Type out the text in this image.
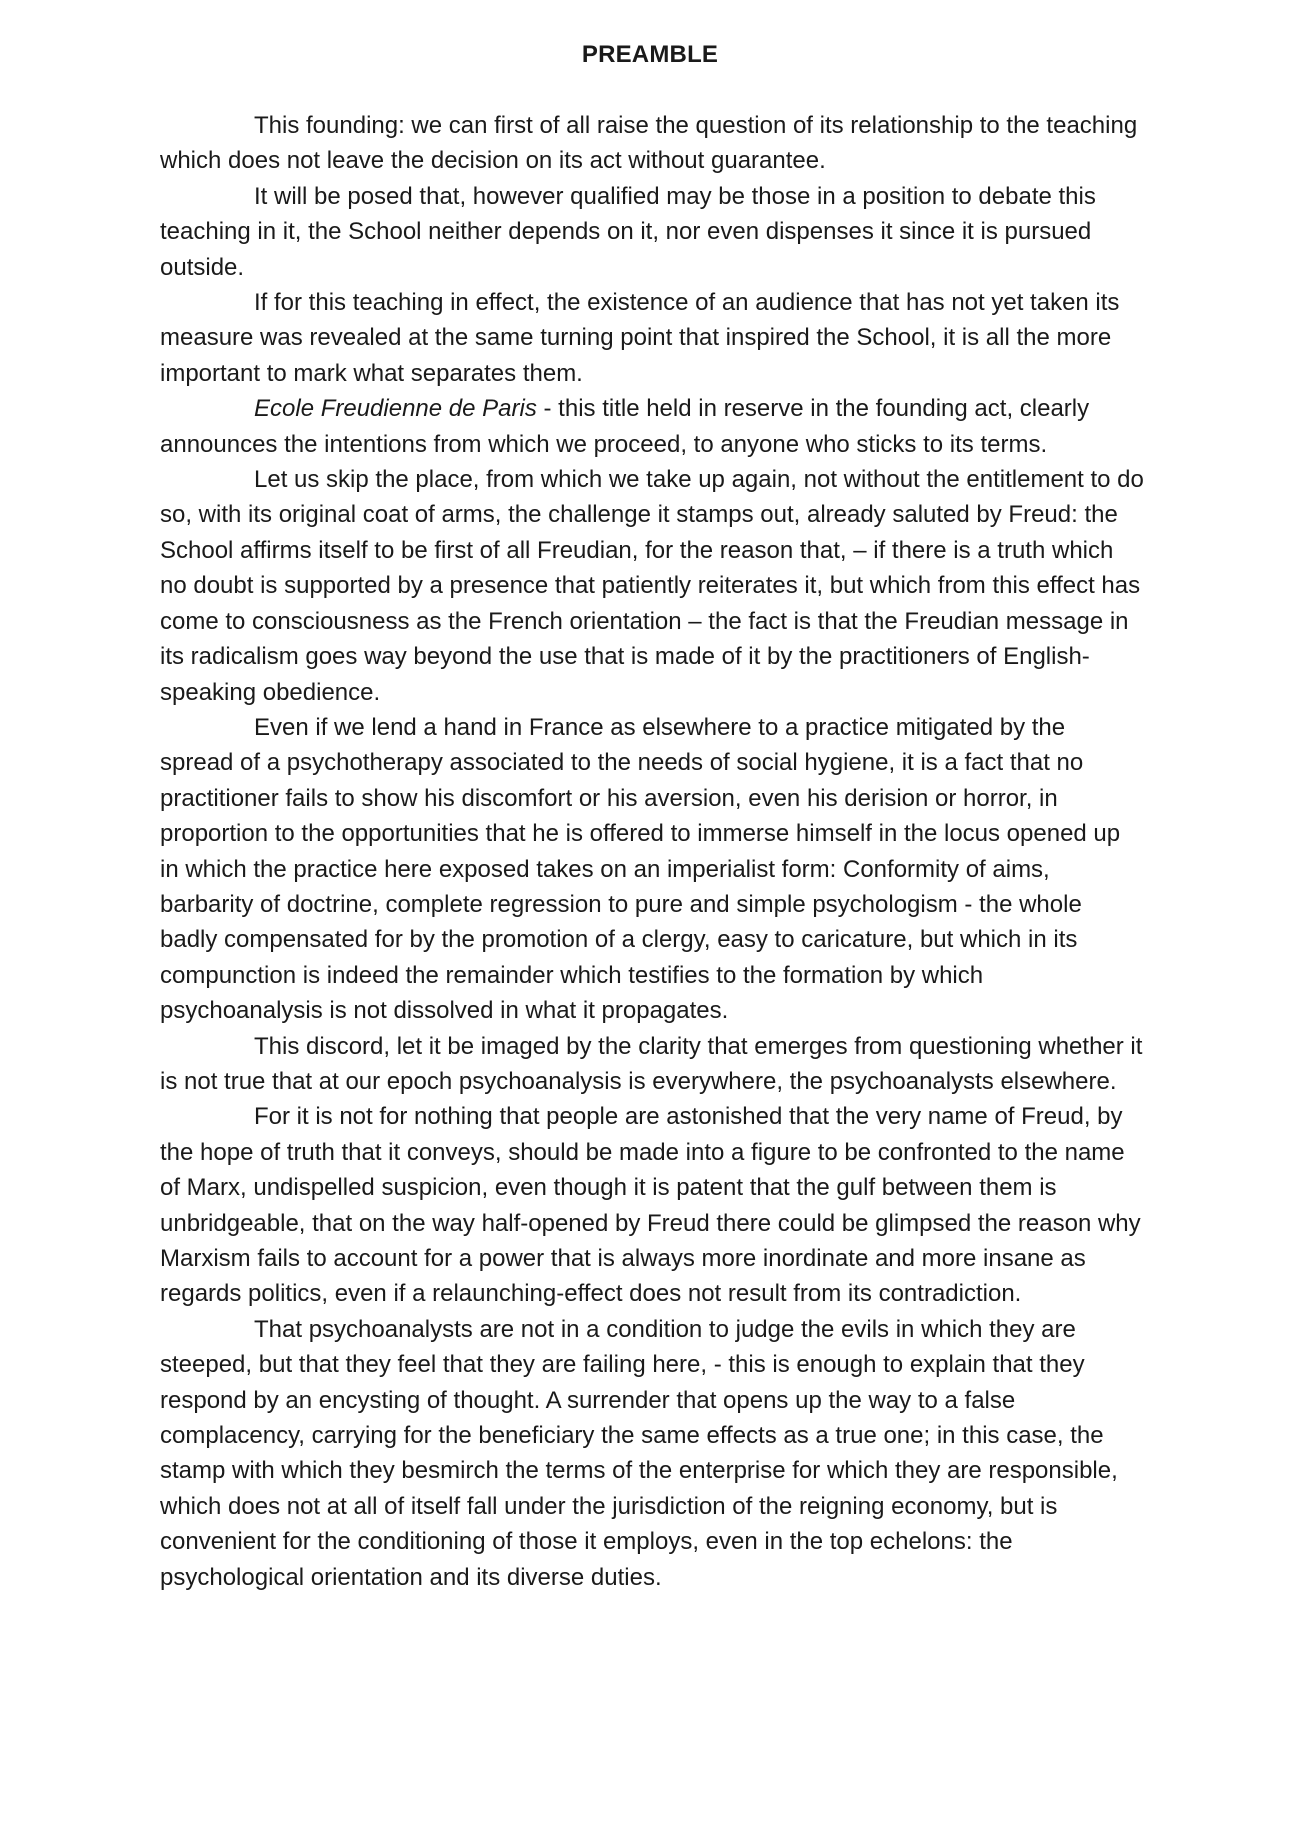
PREAMBLE

This founding: we can first of all raise the question of its relationship to the teaching which does not leave the decision on its act without guarantee.

It will be posed that, however qualified may be those in a position to debate this teaching in it, the School neither depends on it, nor even dispenses it since it is pursued outside.

If for this teaching in effect, the existence of an audience that has not yet taken its measure was revealed at the same turning point that inspired the School, it is all the more important to mark what separates them.

Ecole Freudienne de Paris - this title held in reserve in the founding act, clearly announces the intentions from which we proceed, to anyone who sticks to its terms.

Let us skip the place, from which we take up again, not without the entitlement to do so, with its original coat of arms, the challenge it stamps out, already saluted by Freud: the School affirms itself to be first of all Freudian, for the reason that, – if there is a truth which no doubt is supported by a presence that patiently reiterates it, but which from this effect has come to consciousness as the French orientation – the fact is that the Freudian message in its radicalism goes way beyond the use that is made of it by the practitioners of English-speaking obedience.

Even if we lend a hand in France as elsewhere to a practice mitigated by the spread of a psychotherapy associated to the needs of social hygiene, it is a fact that no practitioner fails to show his discomfort or his aversion, even his derision or horror, in proportion to the opportunities that he is offered to immerse himself in the locus opened up in which the practice here exposed takes on an imperialist form: Conformity of aims, barbarity of doctrine, complete regression to pure and simple psychologism - the whole badly compensated for by the promotion of a clergy, easy to caricature, but which in its compunction is indeed the remainder which testifies to the formation by which psychoanalysis is not dissolved in what it propagates.

This discord, let it be imaged by the clarity that emerges from questioning whether it is not true that at our epoch psychoanalysis is everywhere, the psychoanalysts elsewhere.

For it is not for nothing that people are astonished that the very name of Freud, by the hope of truth that it conveys, should be made into a figure to be confronted to the name of Marx, undispelled suspicion, even though it is patent that the gulf between them is unbridgeable, that on the way half-opened by Freud there could be glimpsed the reason why Marxism fails to account for a power that is always more inordinate and more insane as regards politics, even if a relaunching-effect does not result from its contradiction.

That psychoanalysts are not in a condition to judge the evils in which they are steeped, but that they feel that they are failing here, - this is enough to explain that they respond by an encysting of thought. A surrender that opens up the way to a false complacency, carrying for the beneficiary the same effects as a true one; in this case, the stamp with which they besmirch the terms of the enterprise for which they are responsible, which does not at all of itself fall under the jurisdiction of the reigning economy, but is convenient for the conditioning of those it employs, even in the top echelons: the psychological orientation and its diverse duties.
